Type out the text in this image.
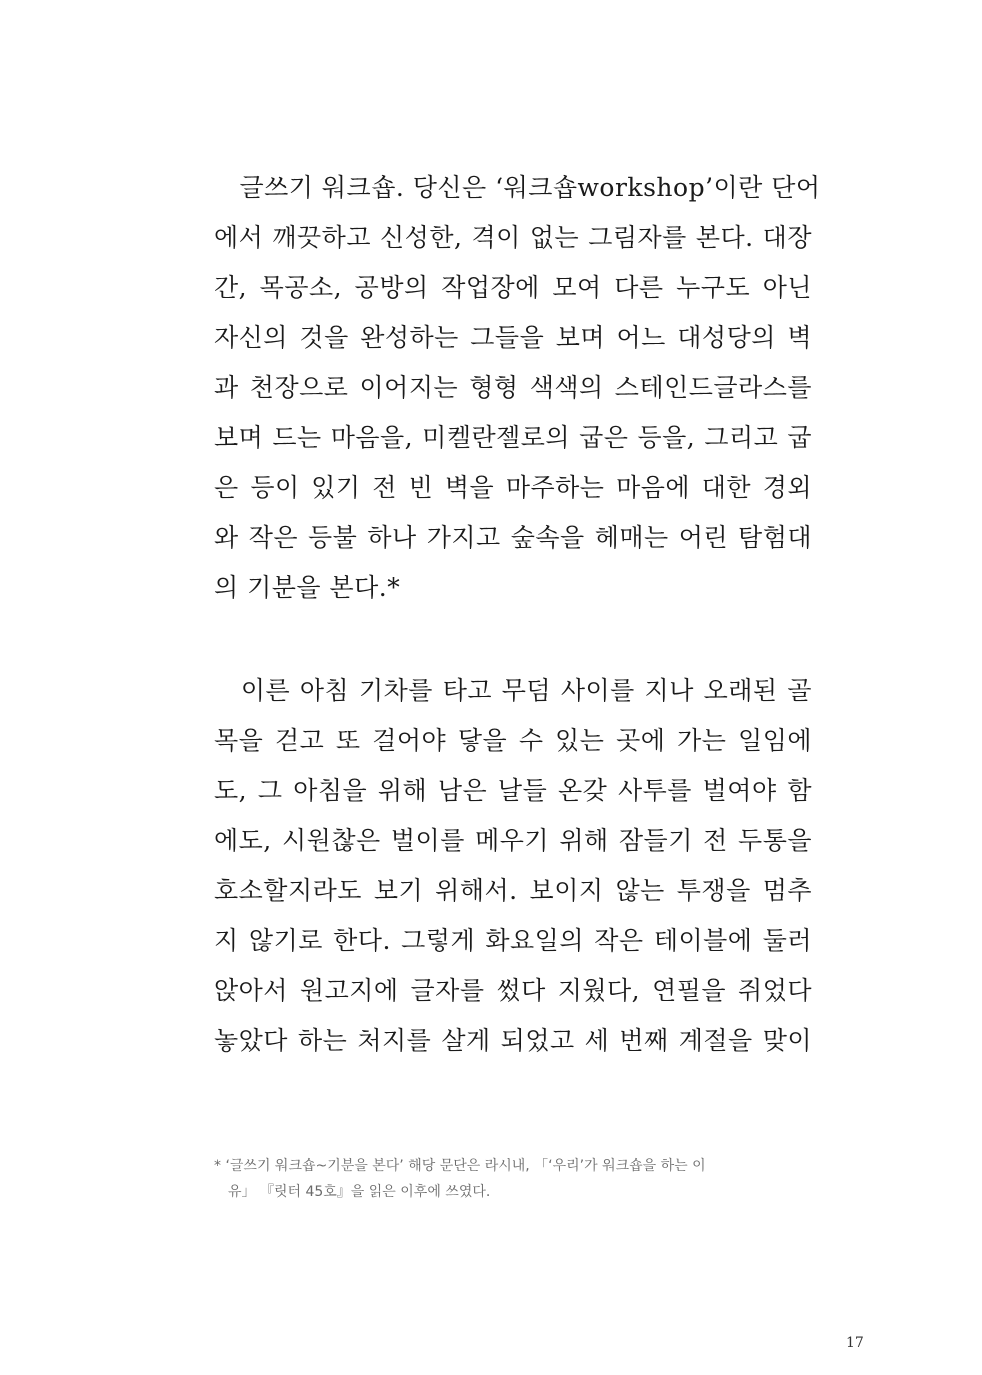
　글쓰기 워크숍. 당신은 ‘워크숍workshop’이란 단어
에서 깨끗하고 신성한, 격이 없는 그림자를 본다. 대장
간, 목공소, 공방의 작업장에 모여 다른 누구도 아닌
자신의 것을 완성하는 그들을 보며 어느 대성당의 벽
과 천장으로 이어지는 형형 색색의 스테인드글라스를
보며 드는 마음을, 미켈란젤로의 굽은 등을, 그리고 굽
은 등이 있기 전 빈 벽을 마주하는 마음에 대한 경외
와 작은 등불 하나 가지고 숲속을 헤매는 어린 탐험대
의 기분을 본다.*
　이른 아침 기차를 타고 무덤 사이를 지나 오래된 골
목을 걷고 또 걸어야 닿을 수 있는 곳에 가는 일임에
도, 그 아침을 위해 남은 날들 온갖 사투를 벌여야 함
에도, 시원찮은 벌이를 메우기 위해 잠들기 전 두통을
호소할지라도 보기 위해서. 보이지 않는 투쟁을 멈추
지 않기로 한다. 그렇게 화요일의 작은 테이블에 둘러
앉아서 원고지에 글자를 썼다 지웠다, 연필을 쥐었다
놓았다 하는 처지를 살게 되었고 세 번째 계절을 맞이
* ‘글쓰기 워크숍~기분을 본다’ 해당 문단은 라시내, 「‘우리’가 워크숍을 하는 이
유」 『릿터 45호』을 읽은 이후에 쓰였다.
17
